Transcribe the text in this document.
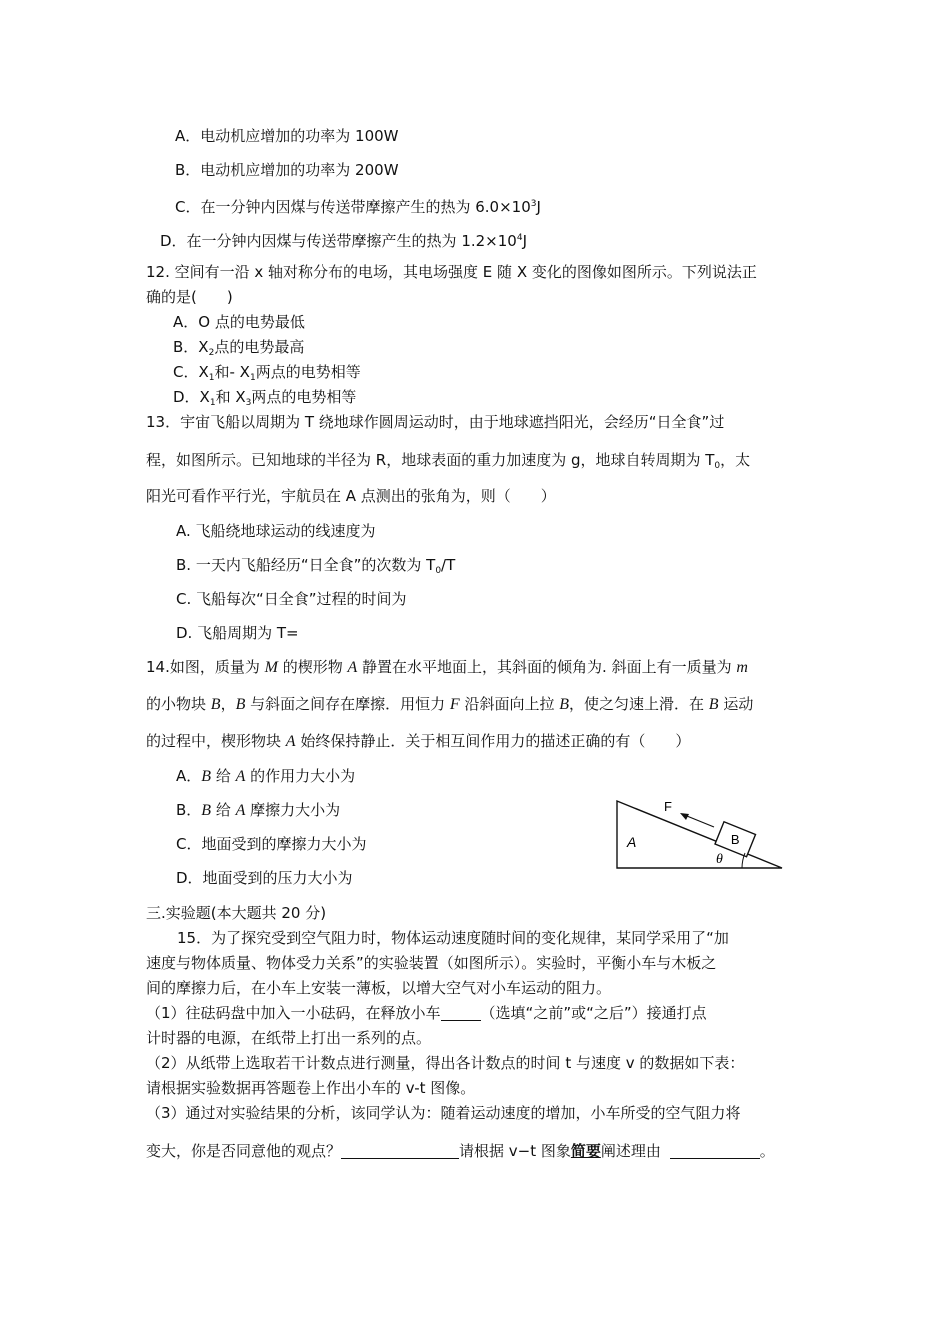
A．电动机应增加的功率为 100W
B．电动机应增加的功率为 200W
C．在一分钟内因煤与传送带摩擦产生的热为 $6.0\times 10^3J$
D．在一分钟内因煤与传送带摩擦产生的热为 $1.2\times 10^4J$
12. 空间有一沿 x 轴对称分布的电场，其电场强度 E 随 X 变化的图像如图所示。下列说法正
确的是(　　)
A．O 点的电势最低
B．$X_2$点的电势最高
C．$X_1$和- $X_1$两点的电势相等
D．$X_1$和 $X_3$两点的电势相等
13．宇宙飞船以周期为 T 绕地球作圆周运动时，由于地球遮挡阳光，会经历“日全食”过
程，如图所示。已知地球的半径为 R，地球表面的重力加速度为 g，地球自转周期为 $T_0$，太
阳光可看作平行光，宇航员在 A 点测出的张角为，则（　　）
A. 飞船绕地球运动的线速度为
B. 一天内飞船经历“日全食”的次数为 $T_0/T$
C. 飞船每次“日全食”过程的时间为
D. 飞船周期为 T=
14.如图，质量为 M 的楔形物 A 静置在水平地面上，其斜面的倾角为. 斜面上有一质量为 m
的小物块 B，B 与斜面之间存在摩擦．用恒力 F 沿斜面向上拉 B，使之匀速上滑．在 B 运动
的过程中，楔形物块 A 始终保持静止．关于相互间作用力的描述正确的有（　　）
A．B 给 A 的作用力大小为
B．B 给 A 摩擦力大小为
C．地面受到的摩擦力大小为
D．地面受到的压力大小为
B
F
A
θ
三.实验题(本大题共 20 分)
15．为了探究受到空气阻力时，物体运动速度随时间的变化规律，某同学采用了“加
速度与物体质量、物体受力关系”的实验装置（如图所示）。实验时，平衡小车与木板之
间的摩擦力后，在小车上安装一薄板，以增大空气对小车运动的阻力。
（1）往砝码盘中加入一小砝码，在释放小车	（选填“之前”或“之后”）接通打点
计时器的电源，在纸带上打出一系列的点。
（2）从纸带上选取若干计数点进行测量，得出各计数点的时间 t 与速度 v 的数据如下表：
请根据实验数据再答题卷上作出小车的 v-t 图像。
（3）通过对实验结果的分析，该同学认为：随着运动速度的增加，小车所受的空气阻力将
变大，你是否同意他的观点？	请根据 v−t 图象简要阐述理由	。
